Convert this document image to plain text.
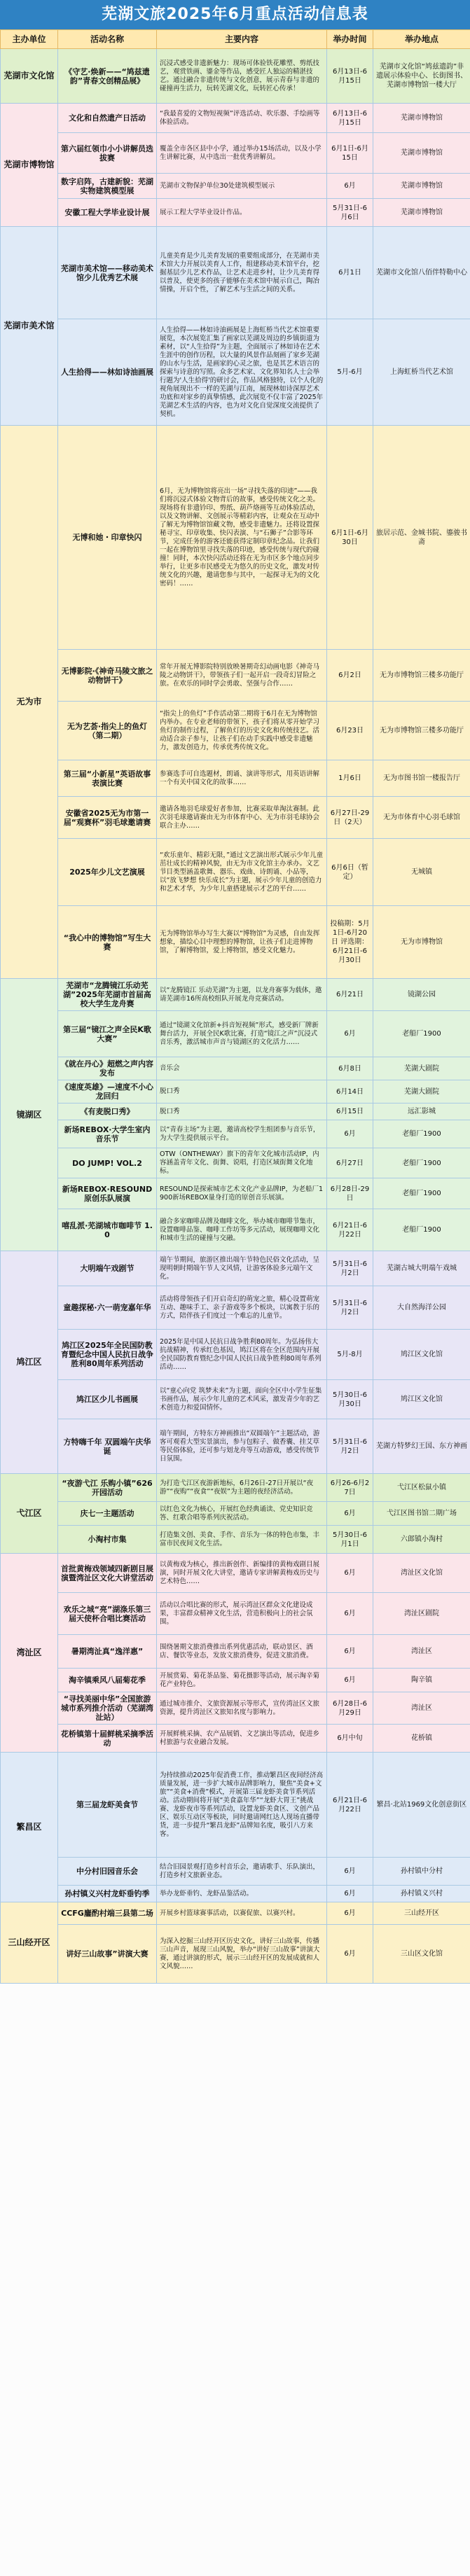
芜湖文旅2025年6月重点活动信息表
主办单位	活动名称	主要内容	举办时间	举办地点
芜湖市文化馆	《守艺·焕新——“鸠兹遗韵”青春文创精品展》	沉浸式感受非遗新魅力：现场可体验铁花雕塑、剪纸技艺，观赏铁画、鎏金等作品，感受匠人独运的精湛技艺。通过融合非遗传统与文化创意，展示青春与非遗的碰撞再生活力，玩转芜湖文化，玩转匠心传承！	6月13日-6月15日	芜湖市文化馆“鸠兹遗韵”非遗展示体验中心、长街图书、芜湖市博物馆一楼大厅
芜湖市博物馆	文化和自然遗产日活动	“我最喜爱的文物短视频”评选活动、吹乐器、手绘画等体验活动。	6月13日-6月15日	芜湖市博物馆
	第六届红领巾小小讲解员选拔赛	覆盖全市各区县中小学，通过举办15场活动，以及小学生讲解比赛，从中选出一批优秀讲解员。	6月1日-6月15日	芜湖市博物馆
	数字启阵，古建新貌：芜湖实物建筑模型展	芜湖市文物保护单位30处建筑模型展示	6月	芜湖市博物馆
	安徽工程大学毕业设计展	展示工程大学毕业设计作品。	5月31日-6月6日	芜湖市博物馆
芜湖市美术馆	芜湖市美术馆——移动美术馆少儿优秀艺术展	儿童美育是少儿美育发展的重要组成部分，在芜湖市美术馆大力开展以美育人工作，组建移动美术馆平台，挖掘基层少儿艺术作品，让艺术走进乡村，让少儿美育得以普及，使更多的孩子能够在美术馆中展示自己，陶冶情操，开启个性，了解艺术与生活之间的关系。	6月1日	芜湖市文化馆八佰伴特勒中心
	人生拾得——林如诗油画展	人生拾得——林如诗油画展是上海虹桥当代艺术馆重要展览，本次展览汇集了画家以芜湖及周边的乡镇街道为素材，以“人生拾得”为主题，全面展示了林如诗在艺术生涯中的创作历程，以大量的风景作品刻画了家乡芜湖的山水与生活，是画家的心灵之旅，也是其艺术语言的探索与诗意的写照。众多艺术家、文化界知名人士会举行题为'人生拾得'的研讨会，作品风格独特，以个人化的视角展现出不一样的芜湖与江南，展现林如诗深厚艺术功底和对家乡的真挚情感，此次展览不仅丰富了2025年芜湖艺术生活的内容，也为对文化自觉深度交流提供了契机。	5月-6月	上海虹桥当代艺术馆
无为市	无博和她・印章快闪	6月，无为博物馆将亮出一场“寻找失落的印迹”——我们将沉浸式体验文物背后的故事，感受传统文化之美。现场将有非遗钤印、剪纸、葫芦烙画等互动体验活动，以及文物讲解、文创展示等精彩内容，让观众在互动中了解无为博物馆馆藏文物，感受非遗魅力。还将设置探秘寻宝、印章收集、快闪表演、与“石狮子”合影等环节，完成任务的游客还能获得定制印章纪念品。让我们一起在博物馆里寻找失落的印迹，感受传统与现代的碰撞！同时，本次快闪活动还将在无为市区多个地点同步举行，让更多市民感受无为悠久的历史文化，激发对传统文化的兴趣，邀请您参与其中，一起探寻无为的文化密码！……	6月1日-6月30日	旅居示范、金城书院、鎏骏书斋
	无博影院·《神奇马陵文旅之动物饼干》	常年开展无博影院特别放映暑期奇幻动画电影《神奇马陵之动物饼干》，带领孩子们一起开启一段奇幻冒险之旅。在欢乐的同时学会勇敢、坚强与合作……	6月2日	无为市博物馆三楼多功能厅
	无为艺荟·指尖上的鱼灯（第二期）	“指尖上的鱼灯”手作活动第二期将于6月在无为博物馆内举办。在专业老师的带领下，孩子们将从零开始学习鱼灯的制作过程，了解鱼灯的历史文化和传统技艺。活动适合亲子参与，让孩子们在动手实践中感受非遗魅力，激发创造力，传承优秀传统文化。	6月23日	无为市博物馆三楼多功能厅
	第三届“小新星”英语故事表演比赛	参赛选手可自选题材，朗诵、演讲等形式，用英语讲解一个有关中国文化的故事……	1月6日	无为市图书馆一楼报告厅
	安徽省2025无为市第一届“观赛杯”羽毛球邀请赛	邀请各地羽毛球爱好者参加，比赛采取单淘汰赛制。此次羽毛球邀请赛由无为市体育中心、无为市羽毛球协会联合主办……	6月27日-29日（2天）	无为市体育中心羽毛球馆
	2025年少儿文艺演展	“欢乐童年、精彩无限，”通过文艺演出形式展示少年儿童茁壮成长的精神风貌，由无为市文化馆主办承办。文艺节目类型涵盖歌舞、器乐、戏曲、诗朗诵、小品等，以“放飞梦想 快乐成长”为主题，展示少年儿童的创造力和艺术才华，为少年儿童搭建展示才艺的平台……	6月6日（暂定）	无城镇
	“我心中的博物馆”写生大赛	无为博物馆举办写生大赛以“博物馆”为灵感，自由发挥想象，描绘心目中理想的博物馆，让孩子们走进博物馆，了解博物馆，爱上博物馆，感受文化魅力。	投稿期：5月1日-6月20日 评选期：6月21日-6月30日	无为市博物馆
镜湖区	芜湖市“龙腾镜江乐动芜湖”2025年芜湖市首届高校大学生龙舟赛	以“龙腾镜江 乐动芜湖”为主题，以龙舟赛事为载体，邀请芜湖市16所高校组队开展龙舟竞赛活动。	6月21日	镜湖公园
	第三届“镜江之声全民K歌大赛”	通过“镜湖文化馆新+抖音短视频”形式，感受新厂牌新舞台活力，开展全民K歌比赛，打造“镜江之声”沉浸式音乐秀，激活城市声音与镜湖区的文化活力……	6月	老船厂1900
	《就在丹心》超燃之声内容发布	音乐会	6月8日	芜湖大剧院
	《速度英雄》—速度不小心龙回归	脱口秀	6月14日	芜湖大剧院
	《有麦脱口秀》	脱口秀	6月15日	远汇影城
	新场REBOX·大学生室内音乐节	以“青春主场”为主题，邀请高校学生组团参与音乐节，为大学生提供展示平台。	6月	老船厂1900
	DO JUMP! VOL.2	OTW（ONTHEWAY）旗下的青年文化城市活动IP，内容涵盖青年文化、街舞、说唱，打造区域街舞文化地标。	6月27日	老船厂1900
	新场REBOX·RESOUND原创乐队展演	RESOUND是探索城市艺术文化产业品牌IP，为老船厂1900新场REBOX量身打造的原创音乐展演。	6月28日-29日	老船厂1900
	嘻乱派·芜湖城市咖啡节 1.0	融合多家咖啡品牌及咖啡文化，举办城市咖啡节集市，设置咖啡品鉴、咖啡工作坊等多元活动，展现咖啡文化和城市生活的碰撞与交融。	6月21日-6月22日	老船厂1900
鸠江区	大明端午戏剧节	端午节期间，旅游区推出端午节特色民俗文化活动，呈现明朝时期端午节人文风情，让游客体验多元端午文化。	5月31日-6月2日	芜湖古城大明端午戏城
	童趣探秘·六一萌宠嘉年华	活动将带领孩子们开启奇幻的萌宠之旅，精心设置萌宠互动、趣味手工、亲子游戏等多个板块，以寓教于乐的方式，陪伴孩子们度过一个难忘的儿童节。	5月31日-6月2日	大自然海洋公园
	鸠江区2025年全民国防教育暨纪念中国人民抗日战争胜利80周年系列活动	2025年是中国人民抗日战争胜利80周年。为弘扬伟大抗战精神，传承红色基因，鸠江区将在全区范围内开展全民国防教育暨纪念中国人民抗日战争胜利80周年系列活动……	5月-8月	鸠江区文化馆
	鸠江区少儿书画展	以“童心向党 筑梦未来”为主题，面向全区中小学生征集书画作品，展示少年儿童的艺术风采，激发青少年的艺术创造力和爱国情怀。	5月30日-6月30日	鸠江区文化馆
	方特嗨千年 双圆端午庆华诞	端午期间，方特东方神画推出“双圆端午”主题活动，游客可观看大型实景演出，参与包粽子、做香囊、挂艾草等民俗体验，还可参与划龙舟等互动游戏，感受传统节日氛围。	5月31日-6月2日	芜湖方特梦幻王国、东方神画
弋江区	“夜游弋江 乐购小镇”626开园活动	为打造弋江区夜游新地标，6月26日-27日开展以“夜游”“夜购”“夜食”“夜娱”为主题的夜经济活动。	6月26-6月27日	弋江区松鼠小镇
	庆七一主题活动	以红色文化为核心，开展红色经典诵读、党史知识竞答、红歌合唱等系列庆祝活动。	6月	弋江区图书馆二期广场
	小淘村市集	打造集文创、美食、手作、音乐为一体的特色市集，丰富市民夜间文化生活。	5月30日-6月1日	六郎镇小淘村
湾沚区	首批黄梅戏领域四新剧目展演暨湾沚区文化大讲堂活动	以黄梅戏为核心，推出新创作、新编排的黄梅戏剧目展演，同时开展文化大讲堂，邀请专家讲解黄梅戏历史与艺术特色……	6月	湾沚区文化馆
	欢乐之城“亮”湖涤乐第三届天使杯合唱比赛活动	活动以合唱比赛的形式，展示湾沚区群众文化建设成果，丰富群众精神文化生活，营造积极向上的社会氛围。	6月	湾沚区剧院
	暑期湾沚真“逸洋惠”	围绕暑期文旅消费推出系列优惠活动，联动景区、酒店、餐饮等业态，发放文旅消费券，促进文旅消费。	6月	湾沚区
	淘辛镇乘风八届菊花季	开展赏菊、菊花茶品鉴、菊花摄影等活动，展示淘辛菊花产业特色。	6月	陶辛镇
	“寻找美丽中华”全国旅游城市系列推介活动（芜湖湾沚站）	通过城市推介、文旅资源展示等形式，宣传湾沚区文旅资源，提升湾沚区文旅知名度与影响力。	6月28日-6月29日	湾沚区
	花桥镇第十届鲜桃采摘季活动	开展鲜桃采摘、农产品展销、文艺演出等活动，促进乡村旅游与农业融合发展。	6月中旬	花桥镇
繁昌区	第三届龙虾美食节	为持续推动2025年促消费工作，推动繁昌区夜间经济高质量发展，进一步扩大城市品牌影响力，聚焦“美食+文旅”“美食+消费”模式，开展第三届龙虾美食节系列活动。活动期间将开展“美食嘉年华”“龙虾大胃王”挑战赛、龙虾夜市等系列活动，设置龙虾美食区、文创产品区、娱乐互动区等板块，同时邀请网红达人现场直播带货，进一步提升“繁昌龙虾”品牌知名度，吸引八方来客。	6月21日-6月22日	繁昌·北站1969文化创意街区
	中分村旧园音乐会	结合旧园景观打造乡村音乐会，邀请歌手、乐队演出，打造乡村文旅新业态。	6月	孙村镇中分村
	孙村镇义兴村龙虾垂钓季	举办龙虾垂钓、龙虾品鉴活动。	6月	孙村镇义兴村
三山经开区	CCFG鏖酌村端三县第二场	开展乡村篮球赛事活动，以赛促旅、以赛兴村。	6月	三山经开区
	讲好三山故事”讲演大赛	为深入挖掘三山经开区历史文化，讲好三山故事，传播三山声音，展现三山风貌，举办“讲好三山故事”讲演大赛，通过讲演的形式，展示三山经开区的发展成就和人文风貌……	6月	三山区文化馆
